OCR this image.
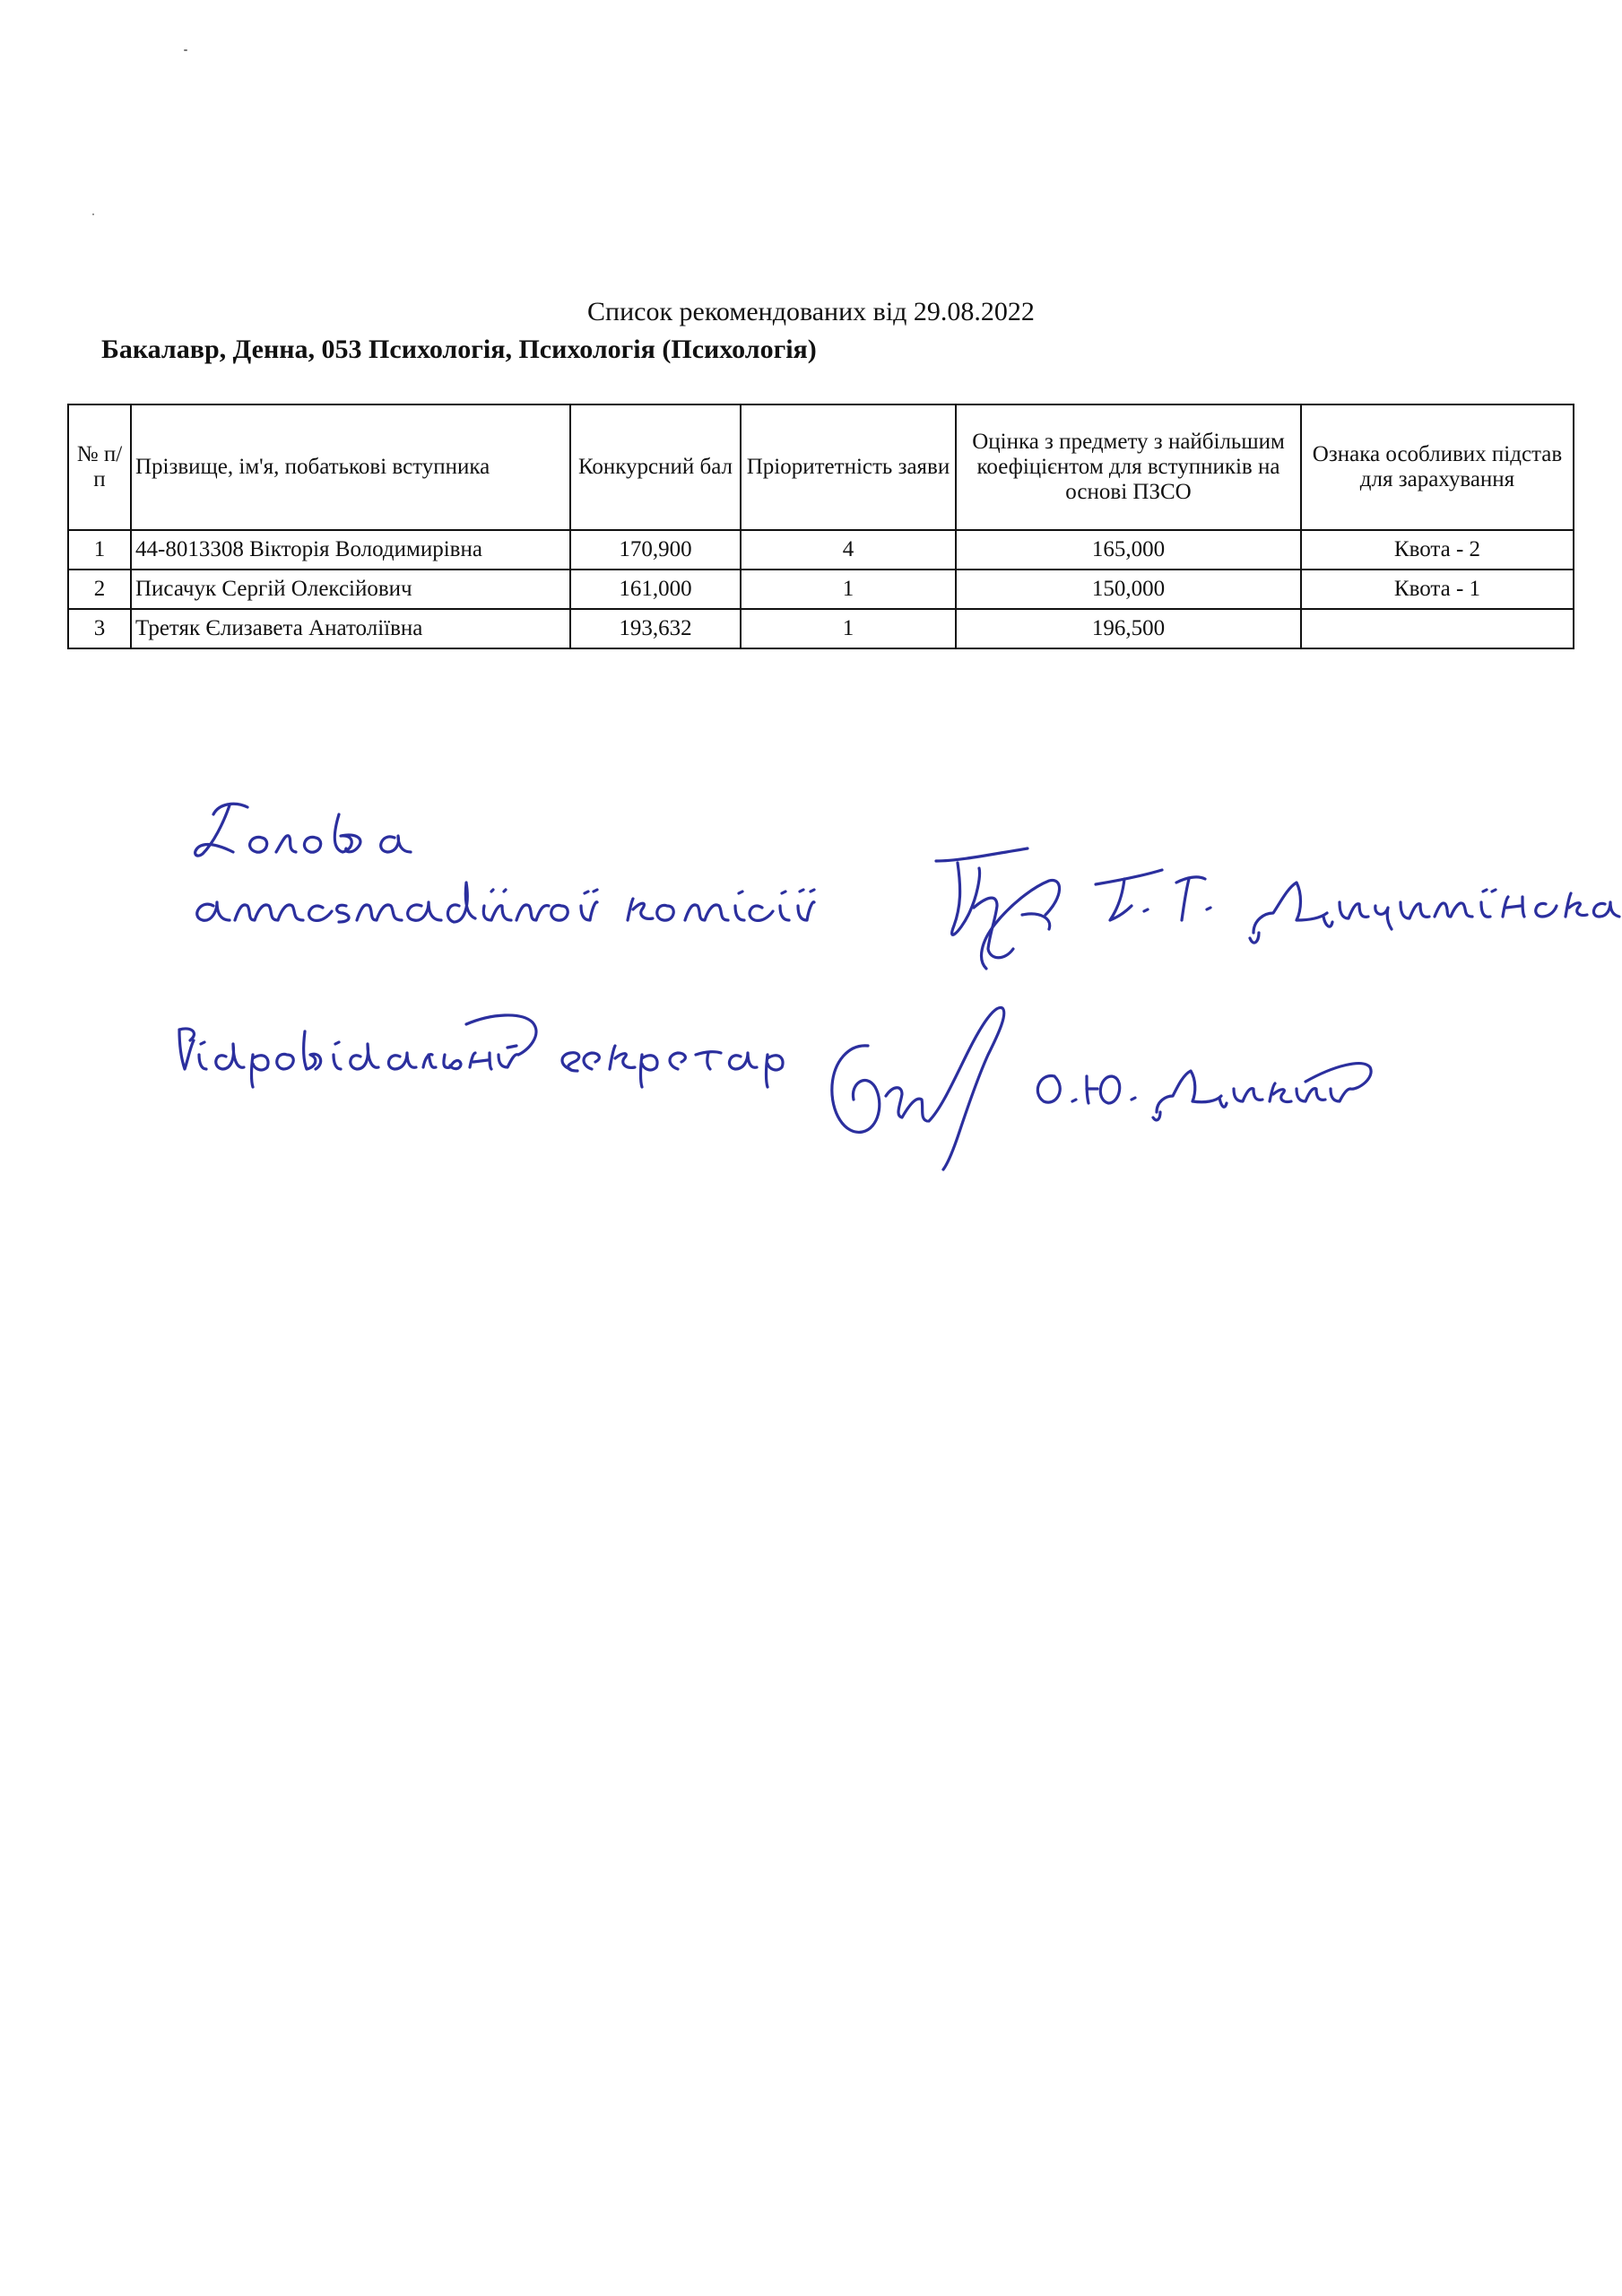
Список рекомендованих від 29.08.2022
Бакалавр, Денна, 053 Психологія, Психологія (Психологія)
№ п/п	Прізвище, ім'я, побатькові вступника	Конкурсний бал	Пріоритетність заяви	Оцінка з предмету з найбільшим коефіцієнтом для вступників на основі ПЗСО	Ознака особливих підстав для зарахування
1	44-8013308 Вікторія Володимирівна	170,900	4	165,000	Квота - 2
2	Писачук Сергій Олексійович	161,000	1	150,000	Квота - 1
3	Третяк Єлизавета Анатоліївна	193,632	1	196,500	
